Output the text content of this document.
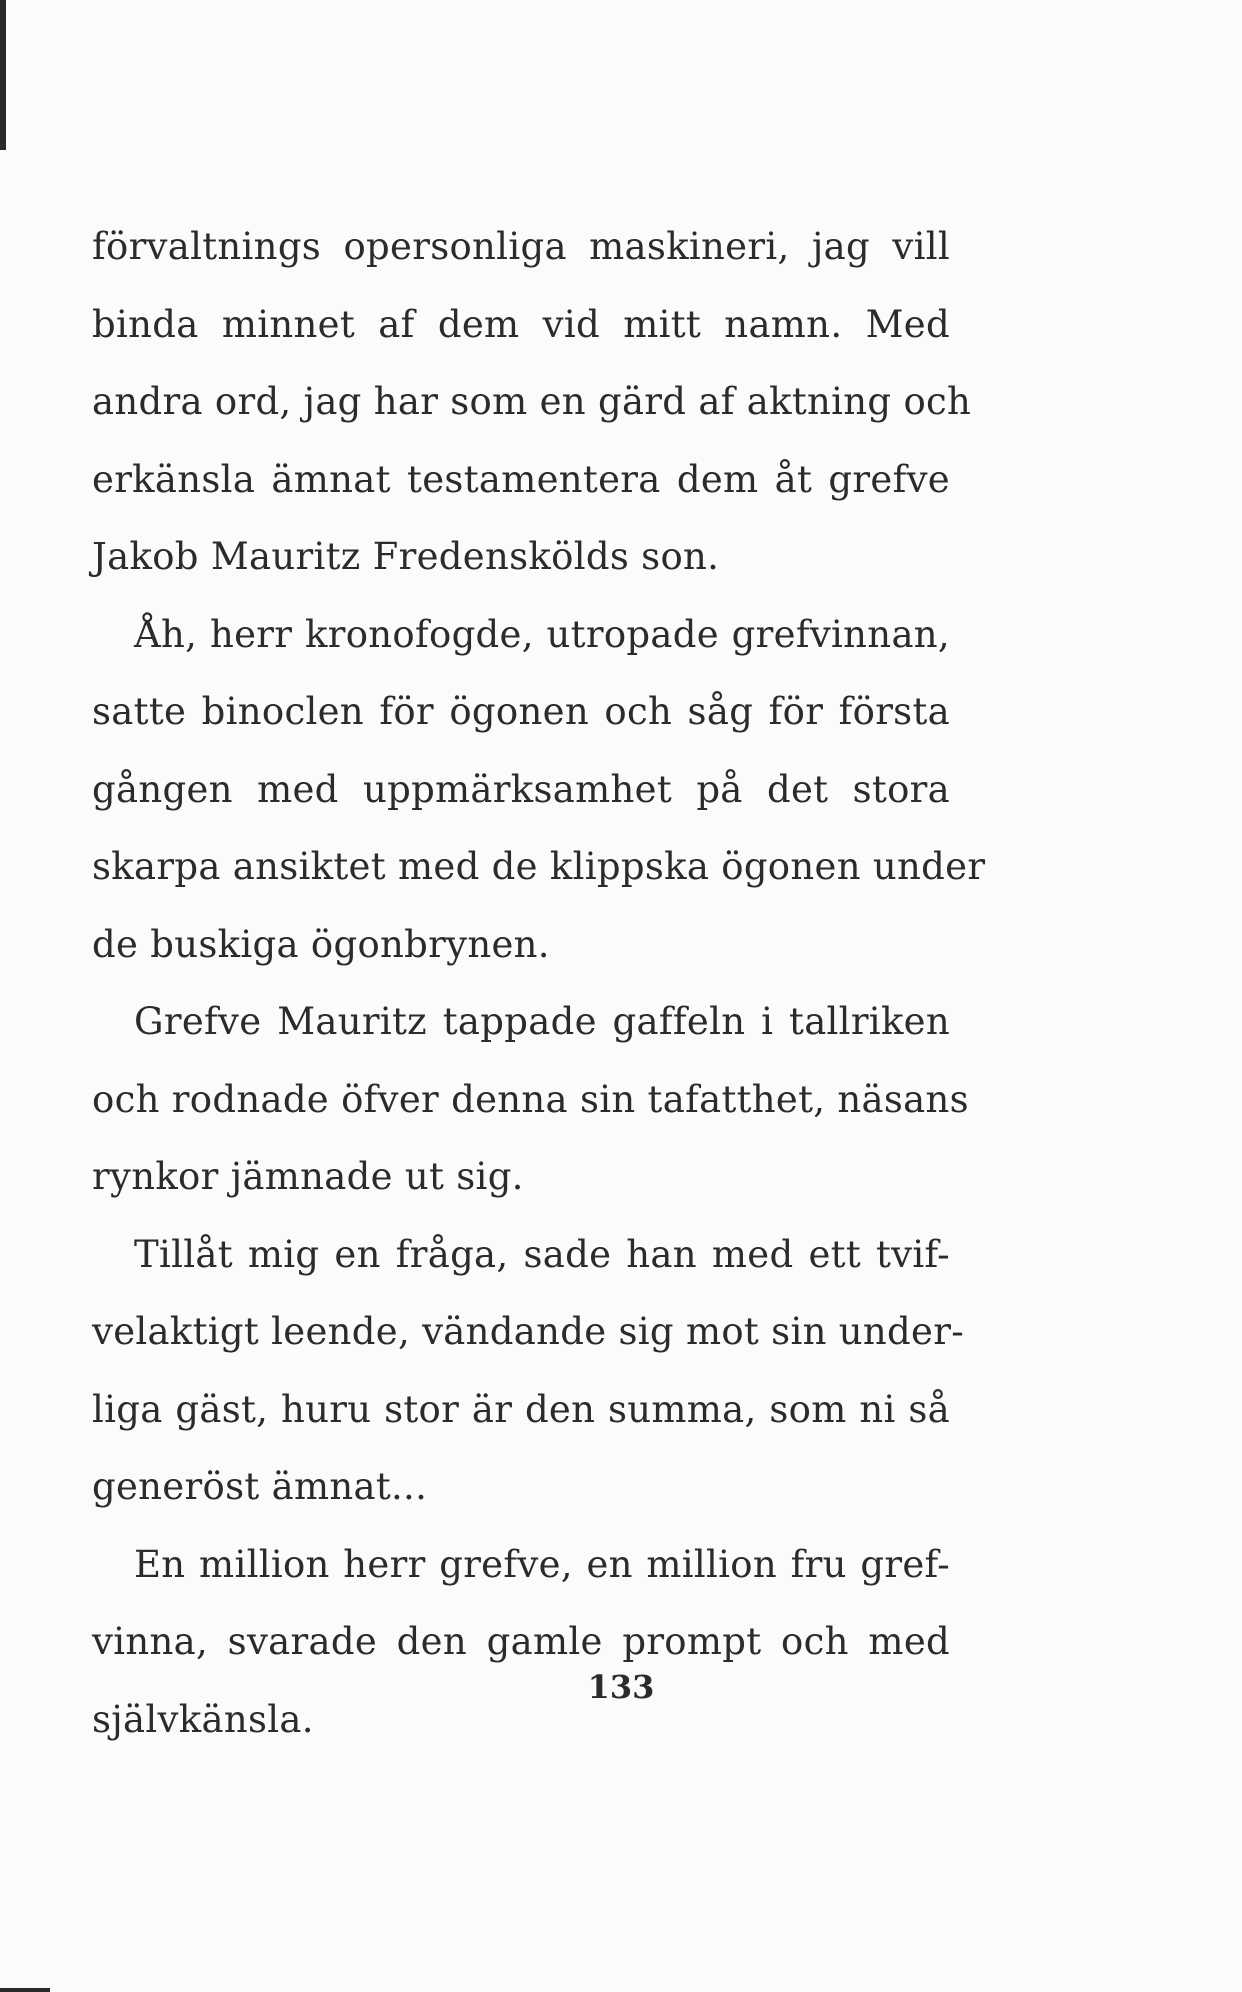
förvaltnings opersonliga maskineri, jag vill
binda minnet af dem vid mitt namn. Med
andra ord, jag har som en gärd af aktning och
erkänsla ämnat testamentera dem åt grefve
Jakob Mauritz Fredenskölds son.
Åh, herr kronofogde, utropade grefvinnan,
satte binoclen för ögonen och såg för första
gången med uppmärksamhet på det stora
skarpa ansiktet med de klippska ögonen under
de buskiga ögonbrynen.
Grefve Mauritz tappade gaffeln i tallriken
och rodnade öfver denna sin tafatthet, näsans
rynkor jämnade ut sig.
Tillåt mig en fråga, sade han med ett tvif-
velaktigt leende, vändande sig mot sin under-
liga gäst, huru stor är den summa, som ni så
generöst ämnat...
En million herr grefve, en million fru gref-
vinna, svarade den gamle prompt och med
självkänsla.
133
